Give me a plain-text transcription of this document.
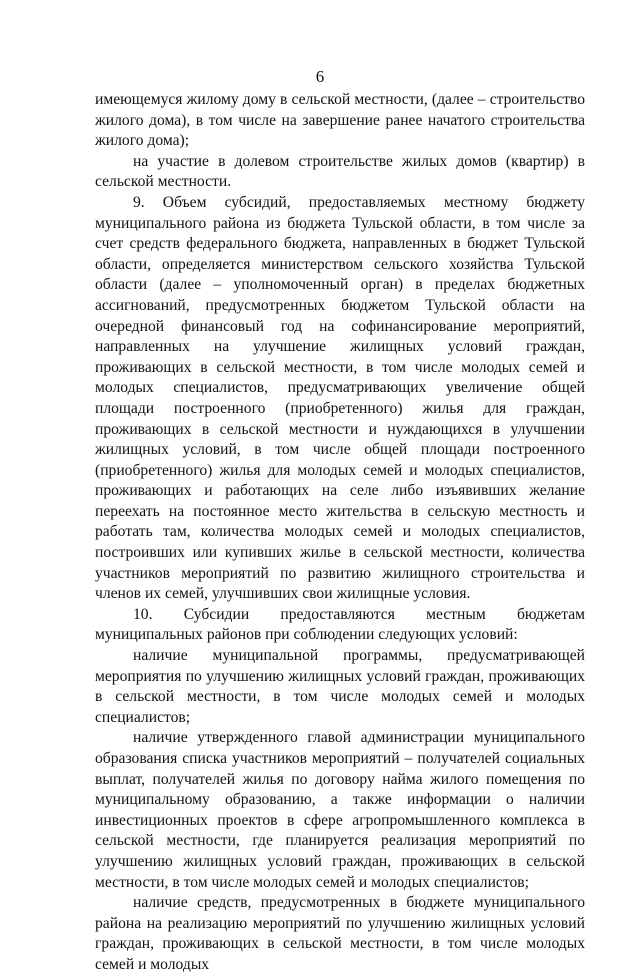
6

имеющемуся жилому дому в сельской местности, (далее – строительство жилого дома), в том числе на завершение ранее начатого строительства жилого дома);

на участие в долевом строительстве жилых домов (квартир) в сельской местности.

9. Объем субсидий, предоставляемых местному бюджету муниципального района из бюджета Тульской области, в том числе за счет средств федерального бюджета, направленных в бюджет Тульской области, определяется министерством сельского хозяйства Тульской области (далее – уполномоченный орган) в пределах бюджетных ассигнований, предусмотренных бюджетом Тульской области на очередной финансовый год на софинансирование мероприятий, направленных на улучшение жилищных условий граждан, проживающих в сельской местности, в том числе молодых семей и молодых специалистов, предусматривающих увеличение общей площади построенного (приобретенного) жилья для граждан, проживающих в сельской местности и нуждающихся в улучшении жилищных условий, в том числе общей площади построенного (приобретенного) жилья для молодых семей и молодых специалистов, проживающих и работающих на селе либо изъявивших желание переехать на постоянное место жительства в сельскую местность и работать там, количества молодых семей и молодых специалистов, построивших или купивших жилье в сельской местности, количества участников мероприятий по развитию жилищного строительства и членов их семей, улучшивших свои жилищные условия.

10. Субсидии предоставляются местным бюджетам муниципальных районов при соблюдении следующих условий:

наличие муниципальной программы, предусматривающей мероприятия по улучшению жилищных условий граждан, проживающих в сельской местности, в том числе молодых семей и молодых специалистов;

наличие утвержденного главой администрации муниципального образования списка участников мероприятий – получателей социальных выплат, получателей жилья по договору найма жилого помещения по муниципальному образованию, а также информации о наличии инвестиционных проектов в сфере агропромышленного комплекса в сельской местности, где планируется реализация мероприятий по улучшению жилищных условий граждан, проживающих в сельской местности, в том числе молодых семей и молодых специалистов;

наличие средств, предусмотренных в бюджете муниципального района на реализацию мероприятий по улучшению жилищных условий граждан, проживающих в сельской местности, в том числе молодых семей и молодых
